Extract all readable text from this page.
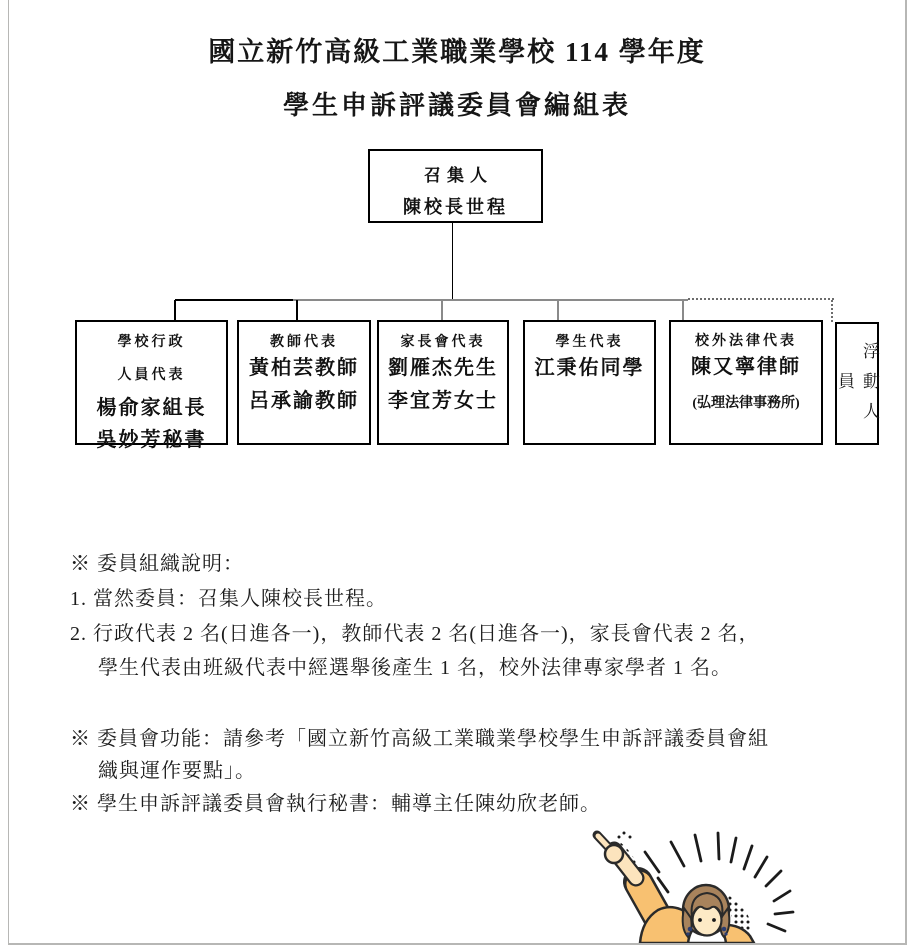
國立新竹高級工業職業學校 114 學年度
學生申訴評議委員會編組表
召集人
陳校長世程
學校行政
人員代表
楊俞家組長
吳妙芳秘書
教師代表
黃柏芸教師
呂承諭教師
家長會代表
劉雁杰先生
李宜芳女士
學生代表
江秉佑同學
校外法律代表
陳又寧律師
(弘理法律事務所)	浮動人員
※ 委員組織說明：
1. 當然委員：召集人陳校長世程。
2. 行政代表 2 名(日進各一)，教師代表 2 名(日進各一)，家長會代表 2 名，
學生代表由班級代表中經選舉後產生 1 名，校外法律專家學者 1 名。
※ 委員會功能：請參考「國立新竹高級工業職業學校學生申訴評議委員會組
織與運作要點」。
※ 學生申訴評議委員會執行秘書：輔導主任陳幼欣老師。
